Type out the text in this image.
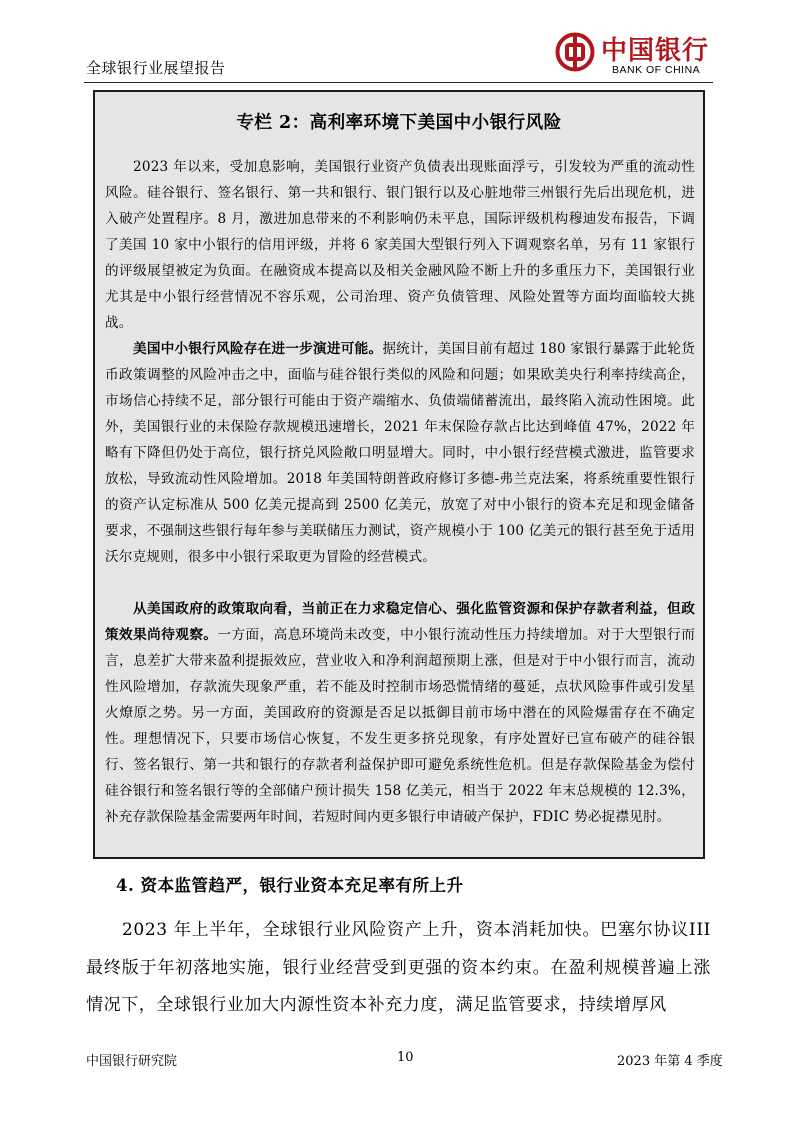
全球银行业展望报告
中国银行
BANK OF CHINA
专栏 2：高利率环境下美国中小银行风险

2023 年以来，受加息影响，美国银行业资产负债表出现账面浮亏，引发较为严重的流动性风险。硅谷银行、签名银行、第一共和银行、银门银行以及心脏地带三州银行先后出现危机，进入破产处置程序。8 月，激进加息带来的不利影响仍未平息，国际评级机构穆迪发布报告，下调了美国 10 家中小银行的信用评级，并将 6 家美国大型银行列入下调观察名单，另有 11 家银行的评级展望被定为负面。在融资成本提高以及相关金融风险不断上升的多重压力下，美国银行业尤其是中小银行经营情况不容乐观，公司治理、资产负债管理、风险处置等方面均面临较大挑战。

美国中小银行风险存在进一步演进可能。据统计，美国目前有超过 180 家银行暴露于此轮货币政策调整的风险冲击之中，面临与硅谷银行类似的风险和问题；如果欧美央行利率持续高企，市场信心持续不足，部分银行可能由于资产端缩水、负债端储蓄流出，最终陷入流动性困境。此外，美国银行业的未保险存款规模迅速增长，2021 年末保险存款占比达到峰值 47%，2022 年略有下降但仍处于高位，银行挤兑风险敞口明显增大。同时，中小银行经营模式激进，监管要求放松，导致流动性风险增加。2018 年美国特朗普政府修订多德-弗兰克法案，将系统重要性银行的资产认定标准从 500 亿美元提高到 2500 亿美元，放宽了对中小银行的资本充足和现金储备要求，不强制这些银行每年参与美联储压力测试，资产规模小于 100 亿美元的银行甚至免于适用沃尔克规则，很多中小银行采取更为冒险的经营模式。

从美国政府的政策取向看，当前正在力求稳定信心、强化监管资源和保护存款者利益，但政策效果尚待观察。一方面，高息环境尚未改变，中小银行流动性压力持续增加。对于大型银行而言，息差扩大带来盈利提振效应，营业收入和净利润超预期上涨，但是对于中小银行而言，流动性风险增加，存款流失现象严重，若不能及时控制市场恐慌情绪的蔓延，点状风险事件或引发星火燎原之势。另一方面，美国政府的资源是否足以抵御目前市场中潜在的风险爆雷存在不确定性。理想情况下，只要市场信心恢复，不发生更多挤兑现象，有序处置好已宣布破产的硅谷银行、签名银行、第一共和银行的存款者利益保护即可避免系统性危机。但是存款保险基金为偿付硅谷银行和签名银行等的全部储户预计损失 158 亿美元，相当于 2022 年末总规模的 12.3%，补充存款保险基金需要两年时间，若短时间内更多银行申请破产保护，FDIC 势必捉襟见肘。

4. 资本监管趋严，银行业资本充足率有所上升

2023 年上半年，全球银行业风险资产上升，资本消耗加快。巴塞尔协议III最终版于年初落地实施，银行业经营受到更强的资本约束。在盈利规模普遍上涨情况下，全球银行业加大内源性资本补充力度，满足监管要求，持续增厚风

中国银行研究院	10	2023 年第 4 季度
